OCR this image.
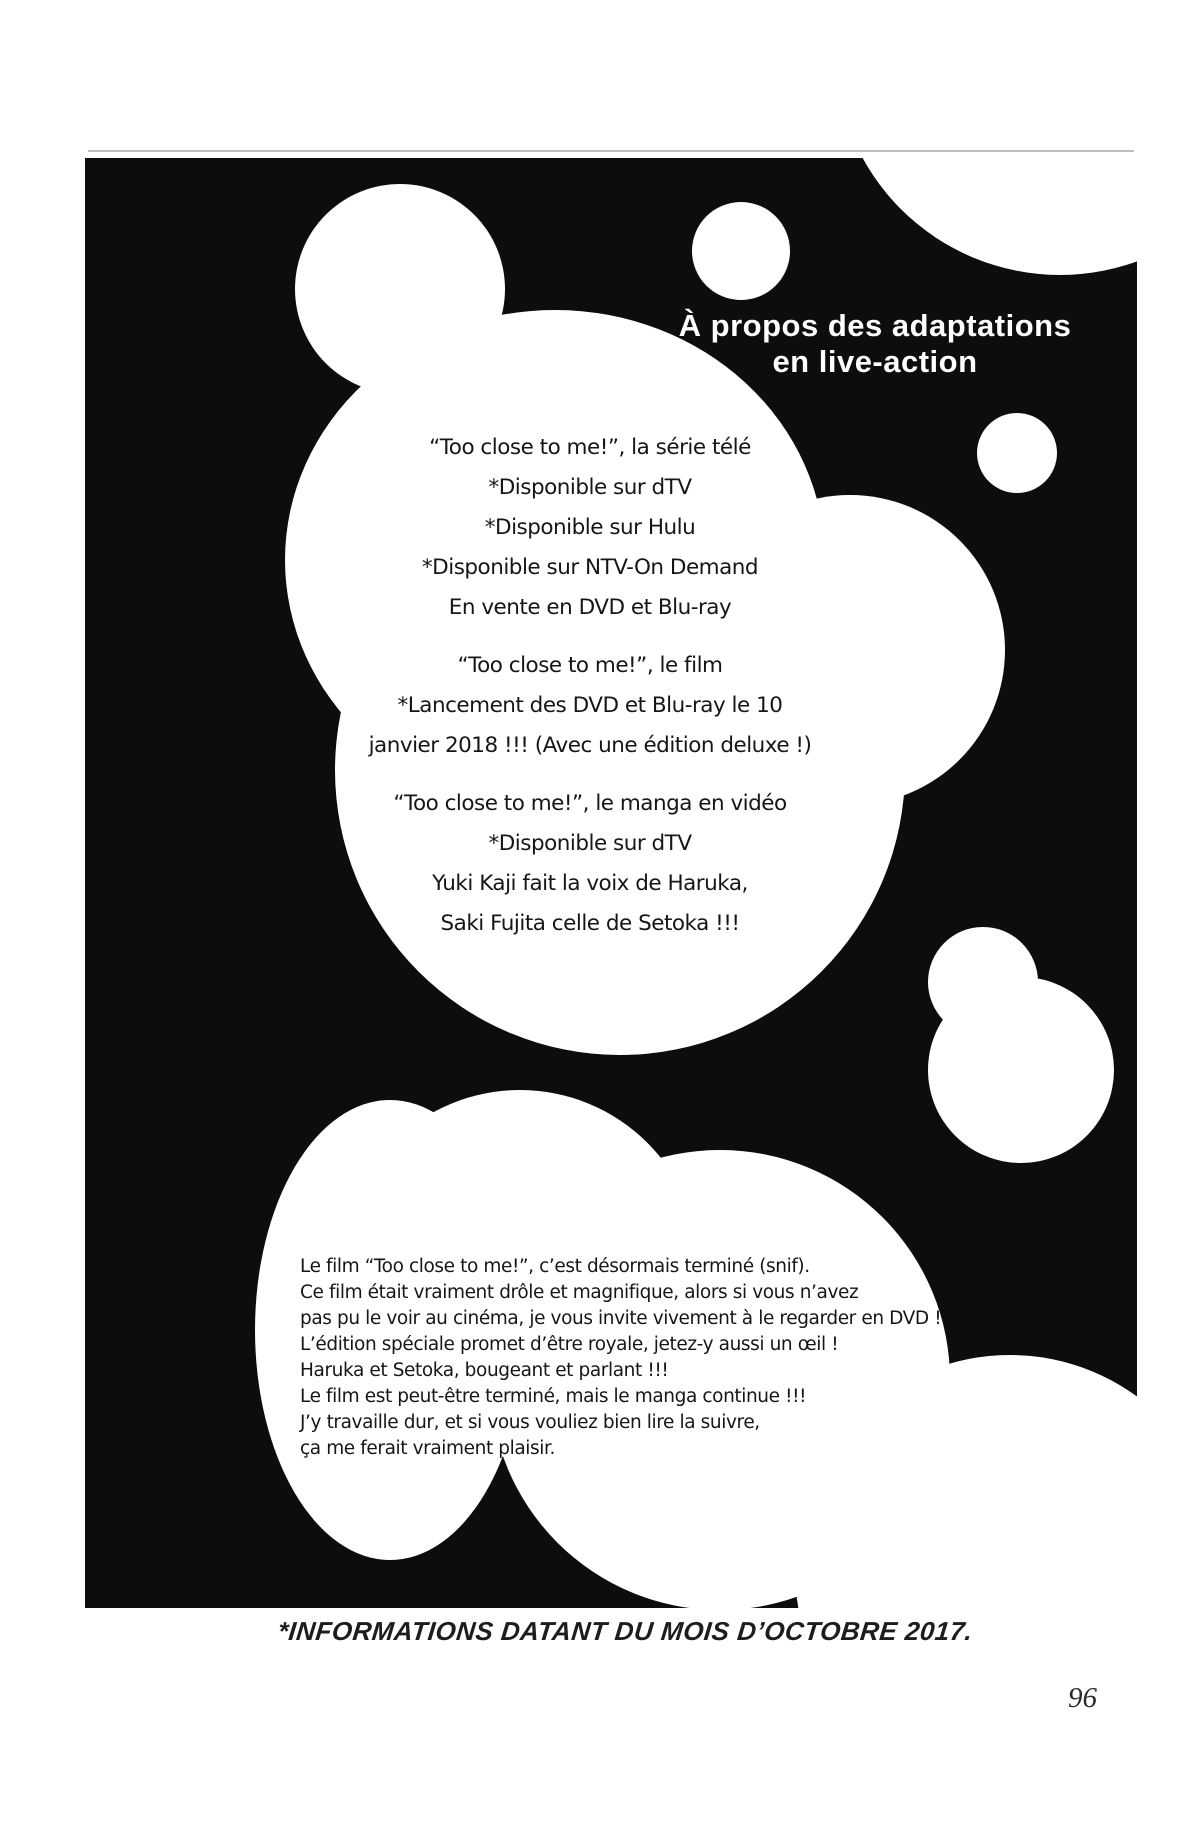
À propos des adaptations
en live-action
“Too close to me!”, la série télé
*Disponible sur dTV
*Disponible sur Hulu
*Disponible sur NTV-On Demand
En vente en DVD et Blu-ray
“Too close to me!”, le film
*Lancement des DVD et Blu-ray le 10
janvier 2018 !!! (Avec une édition deluxe !)
“Too close to me!”, le manga en vidéo
*Disponible sur dTV
Yuki Kaji fait la voix de Haruka,
Saki Fujita celle de Setoka !!!
Le film “Too close to me!”, c’est désormais terminé (snif).
Ce film était vraiment drôle et magnifique, alors si vous n’avez
pas pu le voir au cinéma, je vous invite vivement à le regarder en DVD !
L’édition spéciale promet d’être royale, jetez-y aussi un œil !
Haruka et Setoka, bougeant et parlant !!!
Le film est peut-être terminé, mais le manga continue !!!
J’y travaille dur, et si vous vouliez bien lire la suivre,
ça me ferait vraiment plaisir.
*INFORMATIONS DATANT DU MOIS D’OCTOBRE 2017.
96
